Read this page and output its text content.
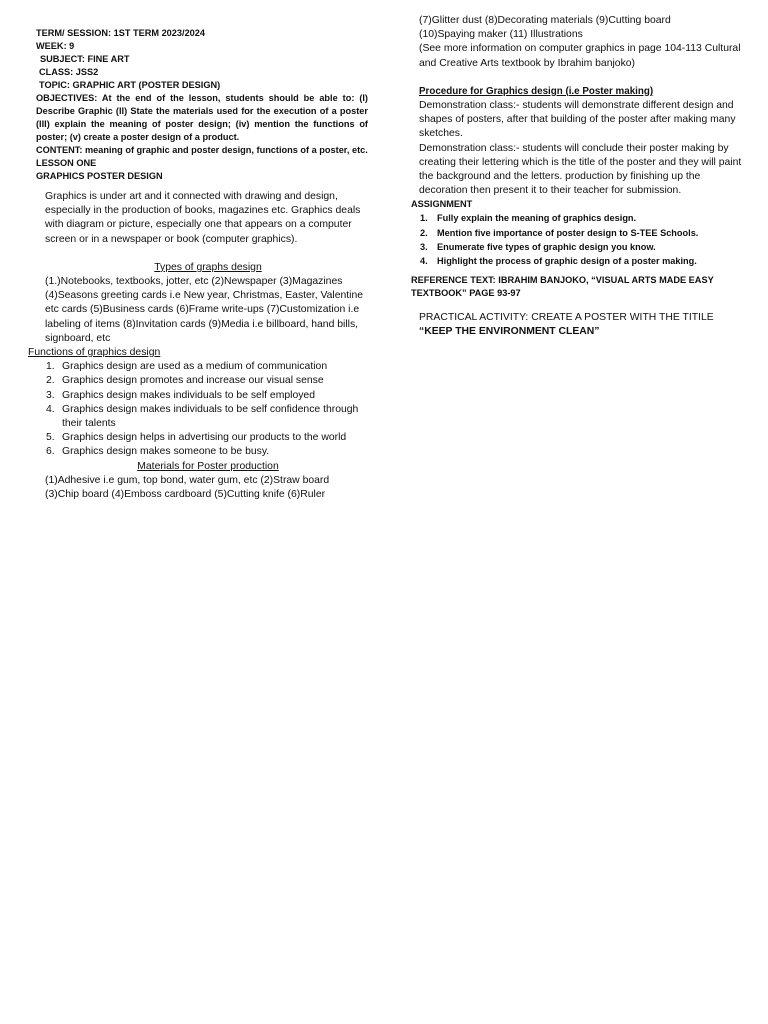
TERM/ SESSION: 1ST TERM 2023/2024
WEEK: 9
SUBJECT: FINE ART
CLASS: JSS2
TOPIC: GRAPHIC ART (POSTER DESIGN)
OBJECTIVES: At the end of the lesson, students should be able to: (I) Describe Graphic (II) State the materials used for the execution of a poster (III) explain the meaning of poster design; (iv) mention the functions of poster; (v) create a poster design of a product.
CONTENT: meaning of graphic and poster design, functions of a poster, etc.
LESSON ONE
GRAPHICS POSTER DESIGN
Graphics is under art and it connected with drawing and design, especially in the production of books, magazines etc. Graphics deals with diagram or picture, especially one that appears on a computer screen or in a newspaper or book (computer graphics).
Types of graphs design
(1.)Notebooks, textbooks, jotter, etc (2)Newspaper (3)Magazines (4)Seasons greeting cards i.e New year, Christmas, Easter, Valentine etc cards (5)Business cards (6)Frame write-ups (7)Customization i.e labeling of items (8)Invitation cards (9)Media i.e billboard, hand bills, signboard, etc
Functions of graphics design
1. Graphics design are used as a medium of communication
2. Graphics design promotes and increase our visual sense
3. Graphics design makes individuals to be self employed
4. Graphics design makes individuals to be self confidence through their talents
5. Graphics design helps in advertising our products to the world
6. Graphics design makes someone to be busy.
Materials for Poster production
(1)Adhesive i.e gum, top bond, water gum, etc (2)Straw board
(3)Chip board (4)Emboss cardboard (5)Cutting knife (6)Ruler
(7)Glitter dust (8)Decorating materials (9)Cutting board
(10)Spaying maker (11) Illustrations
(See more information on computer graphics in page 104-113 Cultural and Creative Arts textbook by Ibrahim banjoko)
Procedure for Graphics design (i.e Poster making)
Demonstration class:- students will demonstrate different design and shapes of posters, after that building of the poster after making many sketches.
Demonstration class:- students will conclude their poster making by creating their lettering which is the title of the poster and they will paint the background and the letters. production by finishing up the decoration then present it to their teacher for submission.
ASSIGNMENT
1. Fully explain the meaning of graphics design.
2. Mention five importance of poster design to S-TEE Schools.
3. Enumerate five types of graphic design you know.
4. Highlight the process of graphic design of a poster making.
REFERENCE TEXT: IBRAHIM BANJOKO, “VISUAL ARTS MADE EASY TEXTBOOK” PAGE 93-97
PRACTICAL ACTIVITY: CREATE A POSTER WITH THE TITILE “KEEP THE ENVIRONMENT CLEAN”
